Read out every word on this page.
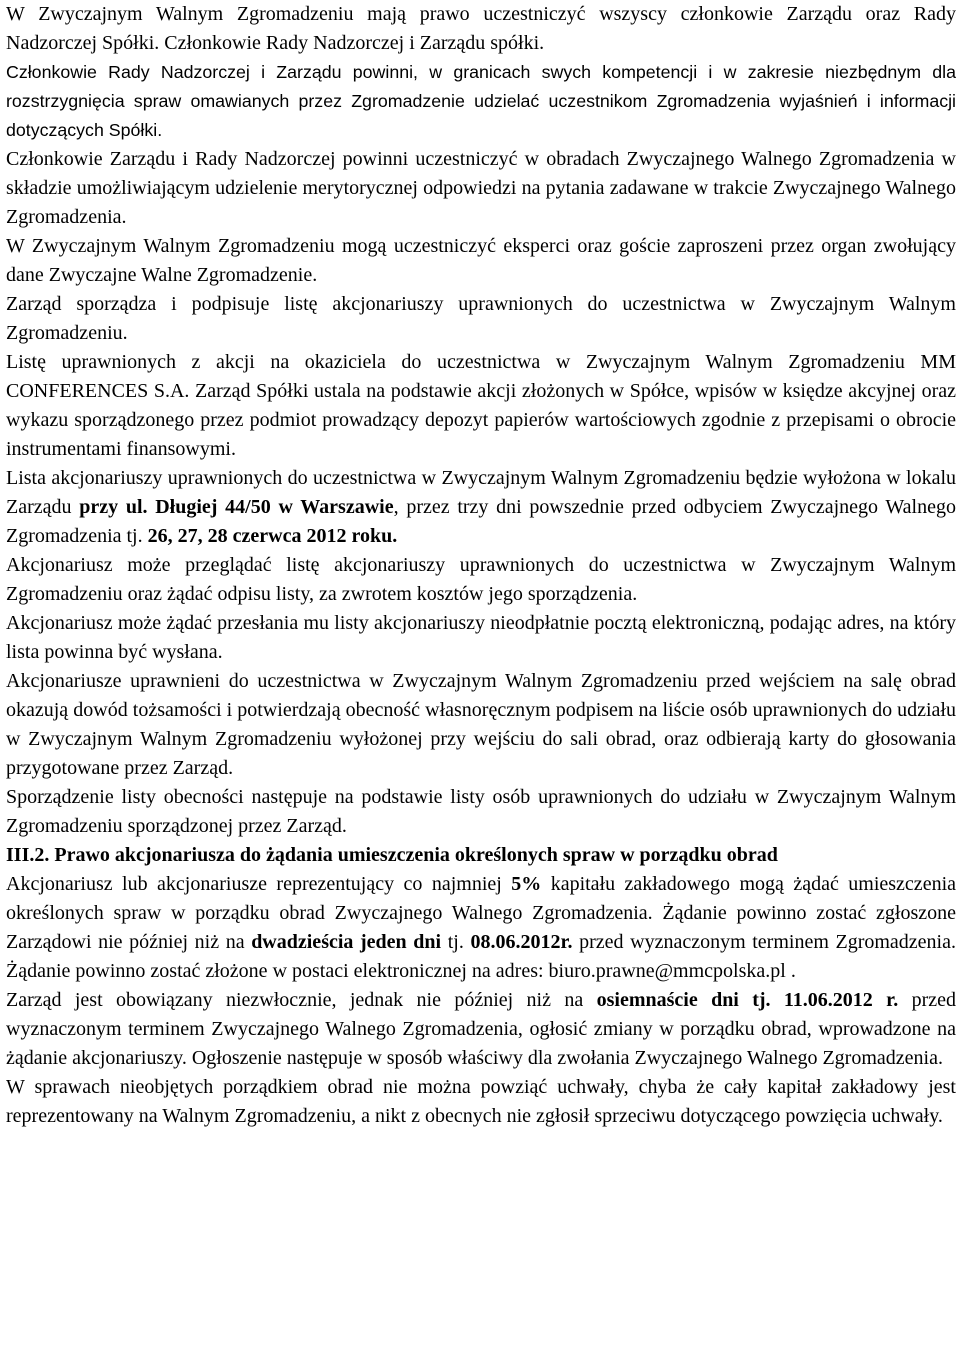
W Zwyczajnym Walnym Zgromadzeniu mają prawo uczestniczyć wszyscy członkowie Zarządu oraz Rady Nadzorczej Spółki. Członkowie Rady Nadzorczej i Zarządu spółki.

Członkowie Rady Nadzorczej i Zarządu powinni, w granicach swych kompetencji i w zakresie niezbędnym dla rozstrzygnięcia spraw omawianych przez Zgromadzenie udzielać uczestnikom Zgromadzenia wyjaśnień i informacji dotyczących Spółki.

Członkowie Zarządu i Rady Nadzorczej powinni uczestniczyć w obradach Zwyczajnego Walnego Zgromadzenia w składzie umożliwiającym udzielenie merytorycznej odpowiedzi na pytania zadawane w trakcie Zwyczajnego Walnego Zgromadzenia.

W Zwyczajnym Walnym Zgromadzeniu mogą uczestniczyć eksperci oraz goście zaproszeni przez organ zwołujący dane Zwyczajne Walne Zgromadzenie.

Zarząd sporządza i podpisuje listę akcjonariuszy uprawnionych do uczestnictwa w Zwyczajnym Walnym Zgromadzeniu.

Listę uprawnionych z akcji na okaziciela do uczestnictwa w Zwyczajnym Walnym Zgromadzeniu MM CONFERENCES S.A. Zarząd Spółki ustala na podstawie akcji złożonych w Spółce, wpisów w księdze akcyjnej oraz wykazu sporządzonego przez podmiot prowadzący depozyt papierów wartościowych zgodnie z przepisami o obrocie instrumentami finansowymi.

Lista akcjonariuszy uprawnionych do uczestnictwa w Zwyczajnym Walnym Zgromadzeniu będzie wyłożona w lokalu Zarządu przy ul. Długiej 44/50 w Warszawie, przez trzy dni powszednie przed odbyciem Zwyczajnego Walnego Zgromadzenia tj. 26, 27, 28 czerwca 2012 roku.

Akcjonariusz może przeglądać listę akcjonariuszy uprawnionych do uczestnictwa w Zwyczajnym Walnym Zgromadzeniu oraz żądać odpisu listy, za zwrotem kosztów jego sporządzenia.

Akcjonariusz może żądać przesłania mu listy akcjonariuszy nieodpłatnie pocztą elektroniczną, podając adres, na który lista powinna być wysłana.

Akcjonariusze uprawnieni do uczestnictwa w Zwyczajnym Walnym Zgromadzeniu przed wejściem na salę obrad okazują dowód tożsamości i potwierdzają obecność własnoręcznym podpisem na liście osób uprawnionych do udziału w Zwyczajnym Walnym Zgromadzeniu wyłożonej przy wejściu do sali obrad, oraz odbierają karty do głosowania przygotowane przez Zarząd.

Sporządzenie listy obecności następuje na podstawie listy osób uprawnionych do udziału w Zwyczajnym Walnym Zgromadzeniu sporządzonej przez Zarząd.

III.2. Prawo akcjonariusza do żądania umieszczenia określonych spraw w porządku obrad

Akcjonariusz lub akcjonariusze reprezentujący co najmniej 5% kapitału zakładowego mogą żądać umieszczenia określonych spraw w porządku obrad Zwyczajnego Walnego Zgromadzenia. Żądanie powinno zostać zgłoszone Zarządowi nie później niż na dwadzieścia jeden dni tj. 08.06.2012r. przed wyznaczonym terminem Zgromadzenia. Żądanie powinno zostać złożone w postaci elektronicznej na adres: biuro.prawne@mmcpolska.pl .

Zarząd jest obowiązany niezwłocznie, jednak nie później niż na osiemnaście dni tj. 11.06.2012 r. przed wyznaczonym terminem Zwyczajnego Walnego Zgromadzenia, ogłosić zmiany w porządku obrad, wprowadzone na żądanie akcjonariuszy. Ogłoszenie następuje w sposób właściwy dla zwołania Zwyczajnego Walnego Zgromadzenia.

W sprawach nieobjętych porządkiem obrad nie można powziąć uchwały, chyba że cały kapitał zakładowy jest reprezentowany na Walnym Zgromadzeniu, a nikt z obecnych nie zgłosił sprzeciwu dotyczącego powzięcia uchwały.
